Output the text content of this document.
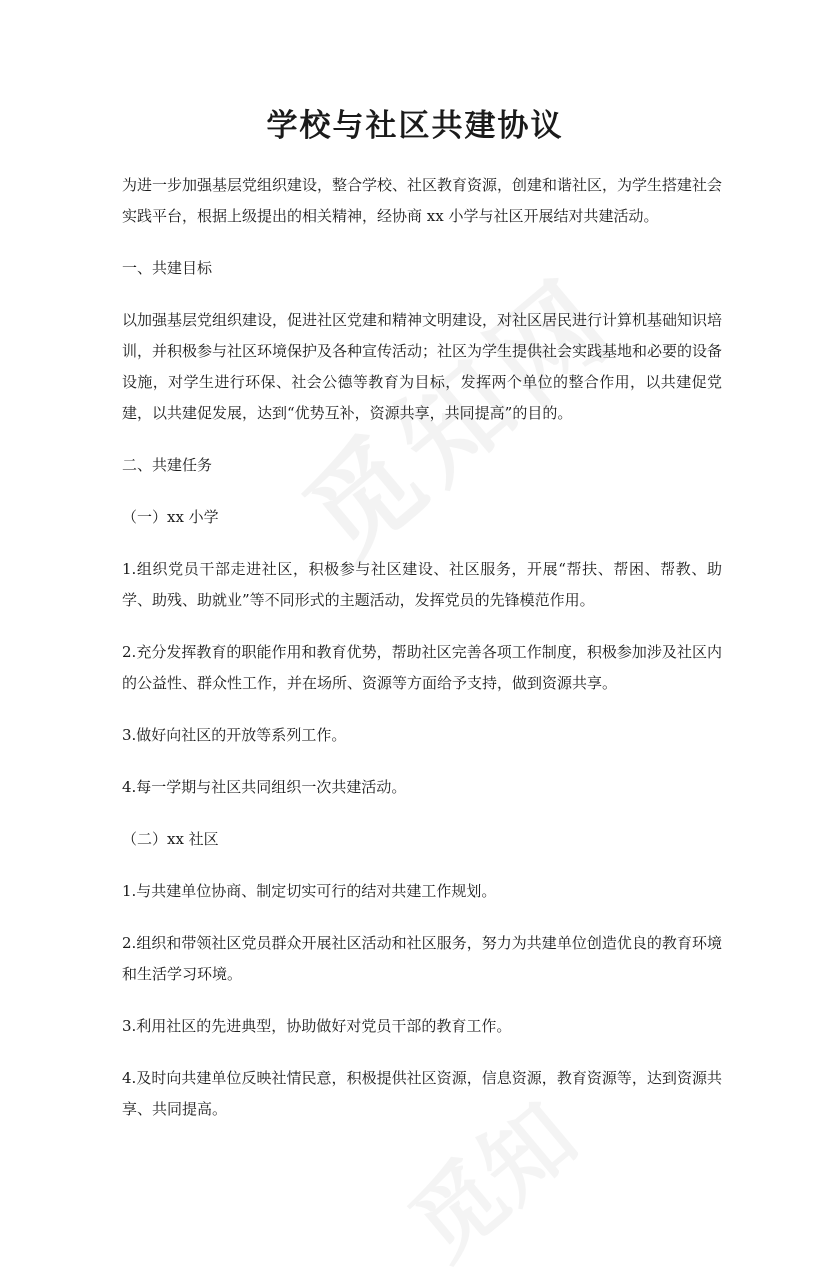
学校与社区共建协议

为进一步加强基层党组织建设，整合学校、社区教育资源，创建和谐社区，为学生搭建社会实践平台，根据上级提出的相关精神，经协商 xx 小学与社区开展结对共建活动。

一、共建目标

以加强基层党组织建设，促进社区党建和精神文明建设，对社区居民进行计算机基础知识培训，并积极参与社区环境保护及各种宣传活动；社区为学生提供社会实践基地和必要的设备设施，对学生进行环保、社会公德等教育为目标，发挥两个单位的整合作用，以共建促党建，以共建促发展，达到“优势互补，资源共享，共同提高”的目的。

二、共建任务

（一）xx 小学

1.组织党员干部走进社区，积极参与社区建设、社区服务，开展“帮扶、帮困、帮教、助学、助残、助就业”等不同形式的主题活动，发挥党员的先锋模范作用。

2.充分发挥教育的职能作用和教育优势，帮助社区完善各项工作制度，积极参加涉及社区内的公益性、群众性工作，并在场所、资源等方面给予支持，做到资源共享。

3.做好向社区的开放等系列工作。

4.每一学期与社区共同组织一次共建活动。

（二）xx 社区

1.与共建单位协商、制定切实可行的结对共建工作规划。

2.组织和带领社区党员群众开展社区活动和社区服务，努力为共建单位创造优良的教育环境和生活学习环境。

3.利用社区的先进典型，协助做好对党员干部的教育工作。

4.及时向共建单位反映社情民意，积极提供社区资源，信息资源，教育资源等，达到资源共享、共同提高。
